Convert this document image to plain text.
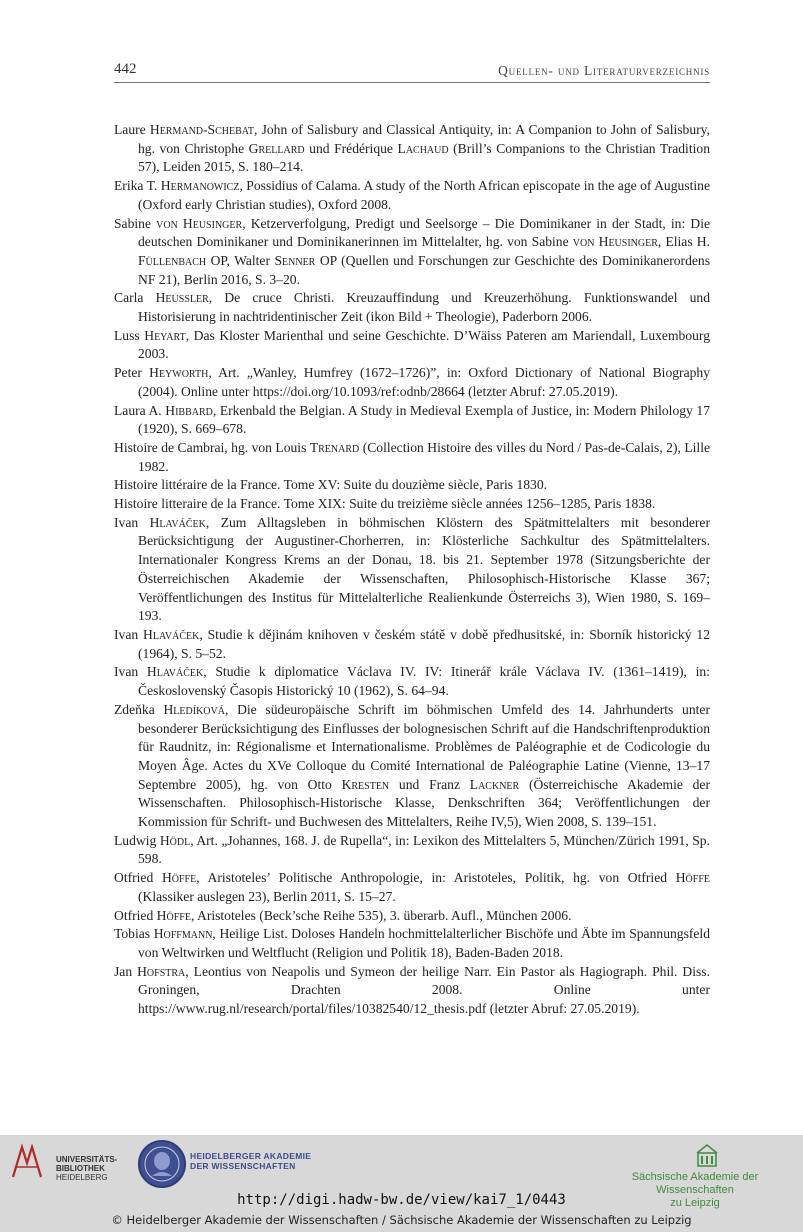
442	Quellen- und Literaturverzeichnis

Laure Hermand-Schebat, John of Salisbury and Classical Antiquity, in: A Companion to John of Salisbury, hg. von Christophe Grellard und Frédérique Lachaud (Brill’s Companions to the Christian Tradition 57), Leiden 2015, S. 180–214.

Erika T. Hermanowicz, Possidius of Calama. A study of the North African episcopate in the age of Augustine (Oxford early Christian studies), Oxford 2008.

Sabine von Heusinger, Ketzerverfolgung, Predigt und Seelsorge – Die Dominikaner in der Stadt, in: Die deutschen Dominikaner und Dominikanerinnen im Mittelalter, hg. von Sabine von Heusinger, Elias H. Füllenbach OP, Walter Senner OP (Quellen und Forschungen zur Geschichte des Dominikanerordens NF 21), Berlin 2016, S. 3–20.

Carla Heussler, De cruce Christi. Kreuzauffindung und Kreuzerhöhung. Funktionswandel und Historisierung in nachtridentinischer Zeit (ikon Bild + Theologie), Paderborn 2006.

Luss Heyart, Das Kloster Marienthal und seine Geschichte. D’Wäiss Pateren am Mariendall, Luxembourg 2003.

Peter Heyworth, Art. „Wanley, Humfrey (1672–1726)”, in: Oxford Dictionary of National Biography (2004). Online unter https://doi.org/10.1093/ref:odnb/28664 (letzter Abruf: 27.05.2019).

Laura A. Hibbard, Erkenbald the Belgian. A Study in Medieval Exempla of Justice, in: Modern Philology 17 (1920), S. 669–678.

Histoire de Cambrai, hg. von Louis Trenard (Collection Histoire des villes du Nord / Pas-de-Calais, 2), Lille 1982.

Histoire littéraire de la France. Tome XV: Suite du douzième siècle, Paris 1830.

Histoire litteraire de la France. Tome XIX: Suite du treizième siècle années 1256–1285, Paris 1838.

Ivan Hlaváček, Zum Alltagsleben in böhmischen Klöstern des Spätmittelalters mit besonderer Berücksichtigung der Augustiner-Chorherren, in: Klösterliche Sachkultur des Spätmittelalters. Internationaler Kongress Krems an der Donau, 18. bis 21. September 1978 (Sitzungsberichte der Österreichischen Akademie der Wissenschaften, Philosophisch-Historische Klasse 367; Veröffentlichungen des Institus für Mittelalterliche Realienkunde Österreichs 3), Wien 1980, S. 169–193.

Ivan Hlaváček, Studie k dějinám knihoven v českém státě v době předhusitské, in: Sborník historický 12 (1964), S. 5–52.

Ivan Hlaváček, Studie k diplomatice Václava IV. IV: Itinerář krále Václava IV. (1361–1419), in: Československý Časopis Historický 10 (1962), S. 64–94.

Zdeňka Hledíková, Die südeuropäische Schrift im böhmischen Umfeld des 14. Jahrhunderts unter besonderer Berücksichtigung des Einflusses der bolognesischen Schrift auf die Handschriftenproduktion für Raudnitz, in: Régionalisme et Internationalisme. Problèmes de Paléographie et de Codicologie du Moyen Âge. Actes du XVe Colloque du Comité International de Paléographie Latine (Vienne, 13–17 Septembre 2005), hg. von Otto Kresten und Franz Lackner (Österreichische Akademie der Wissenschaften. Philosophisch-Historische Klasse, Denkschriften 364; Veröffentlichungen der Kommission für Schrift- und Buchwesen des Mittelalters, Reihe IV,5), Wien 2008, S. 139–151.

Ludwig Hödl, Art. „Johannes, 168. J. de Rupella“, in: Lexikon des Mittelalters 5, München/Zürich 1991, Sp. 598.

Otfried Höffe, Aristoteles’ Politische Anthropologie, in: Aristoteles, Politik, hg. von Otfried Höffe (Klassiker auslegen 23), Berlin 2011, S. 15–27.

Otfried Höffe, Aristoteles (Beck’sche Reihe 535), 3. überarb. Aufl., München 2006.

Tobias Hoffmann, Heilige List. Doloses Handeln hochmittelalterlicher Bischöfe und Äbte im Spannungsfeld von Weltwirken und Weltflucht (Religion und Politik 18), Baden-Baden 2018.

Jan Hofstra, Leontius von Neapolis und Symeon der heilige Narr. Ein Pastor als Hagiograph. Phil. Diss. Groningen, Drachten 2008. Online unter https://www.rug.nl/research/portal/files/10382540/12_thesis.pdf (letzter Abruf: 27.05.2019).

UNIVERSITÄTS-
BIBLIOTHEK
HEIDELBERG
HEIDELBERGER AKADEMIE
DER WISSENSCHAFTEN
Sächsische Akademie der Wissenschaften
zu Leipzig
http://digi.hadw-bw.de/view/kai7_1/0443
© Heidelberger Akademie der Wissenschaften / Sächsische Akademie der Wissenschaften zu Leipzig
